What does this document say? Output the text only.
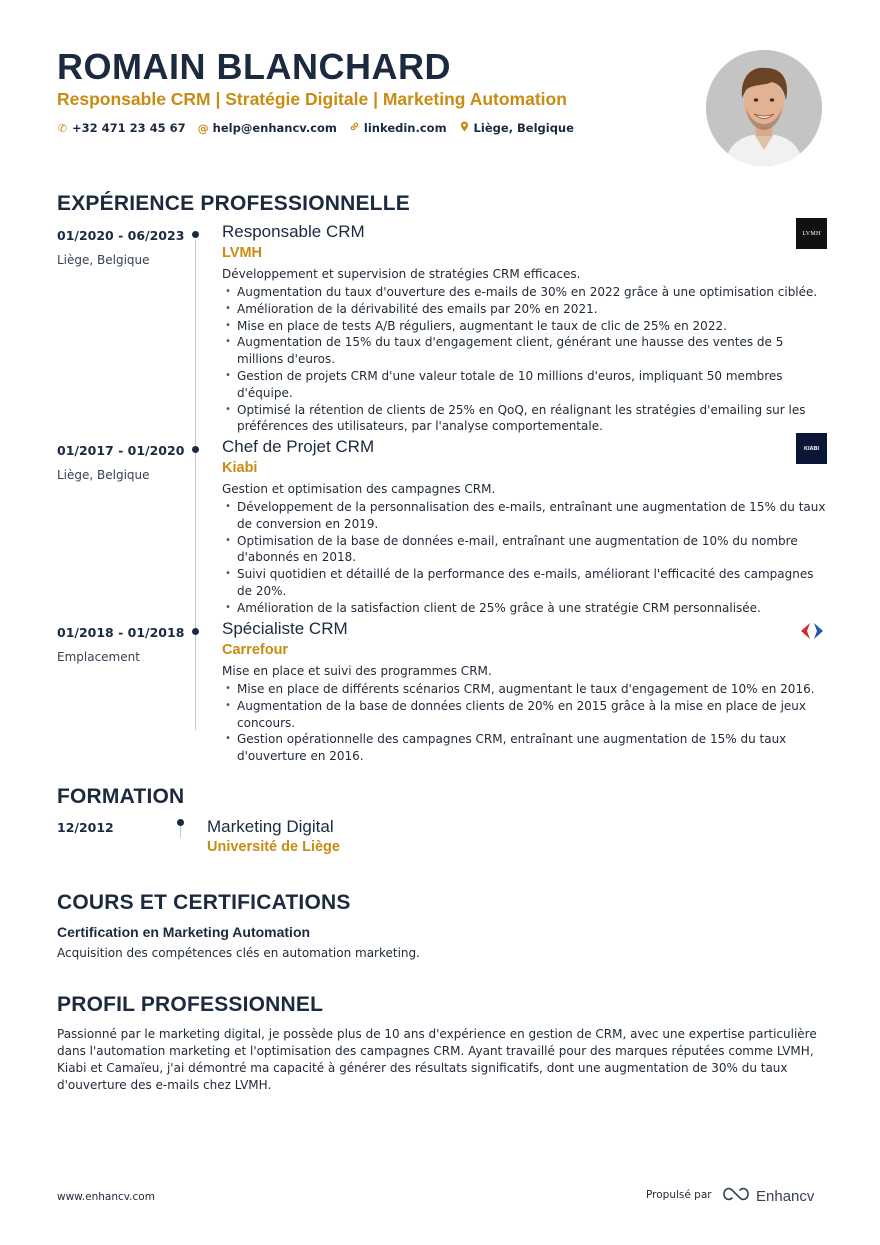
ROMAIN BLANCHARD
Responsable CRM | Stratégie Digitale | Marketing Automation
✆ +32 471 23 45 67 @ help@enhancv.com linkedin.com Liège, Belgique
EXPÉRIENCE PROFESSIONNELLE
01/2020 - 06/2023
Liège, Belgique
Responsable CRM
LVMH
Développement et supervision de stratégies CRM efficaces.
• Augmentation du taux d'ouverture des e-mails de 30% en 2022 grâce à une optimisation ciblée.
• Amélioration de la dérivabilité des emails par 20% en 2021.
• Mise en place de tests A/B réguliers, augmentant le taux de clic de 25% en 2022.
• Augmentation de 15% du taux d'engagement client, générant une hausse des ventes de 5 millions d'euros.
• Gestion de projets CRM d'une valeur totale de 10 millions d'euros, impliquant 50 membres d'équipe.
• Optimisé la rétention de clients de 25% en QoQ, en réalignant les stratégies d'emailing sur les préférences des utilisateurs, par l'analyse comportementale.
LVMH
01/2017 - 01/2020
Liège, Belgique
Chef de Projet CRM
Kiabi
Gestion et optimisation des campagnes CRM.
• Développement de la personnalisation des e-mails, entraînant une augmentation de 15% du taux de conversion en 2019.
• Optimisation de la base de données e-mail, entraînant une augmentation de 10% du nombre d'abonnés en 2018.
• Suivi quotidien et détaillé de la performance des e-mails, améliorant l'efficacité des campagnes de 20%.
• Amélioration de la satisfaction client de 25% grâce à une stratégie CRM personnalisée.
KIABI
01/2018 - 01/2018
Emplacement
Spécialiste CRM
Carrefour
Mise en place et suivi des programmes CRM.
• Mise en place de différents scénarios CRM, augmentant le taux d'engagement de 10% en 2016.
• Augmentation de la base de données clients de 20% en 2015 grâce à la mise en place de jeux concours.
• Gestion opérationnelle des campagnes CRM, entraînant une augmentation de 15% du taux d'ouverture en 2016.
FORMATION
12/2012	Marketing Digital
Université de Liège
COURS ET CERTIFICATIONS
Certification en Marketing Automation
Acquisition des compétences clés en automation marketing.
PROFIL PROFESSIONNEL
Passionné par le marketing digital, je possède plus de 10 ans d'expérience en gestion de CRM, avec une expertise particulière dans l'automation marketing et l'optimisation des campagnes CRM. Ayant travaillé pour des marques réputées comme LVMH, Kiabi et Camaïeu, j'ai démontré ma capacité à générer des résultats significatifs, dont une augmentation de 30% du taux d'ouverture des e-mails chez LVMH.
www.enhancv.com	Propulsé par	Enhancv
